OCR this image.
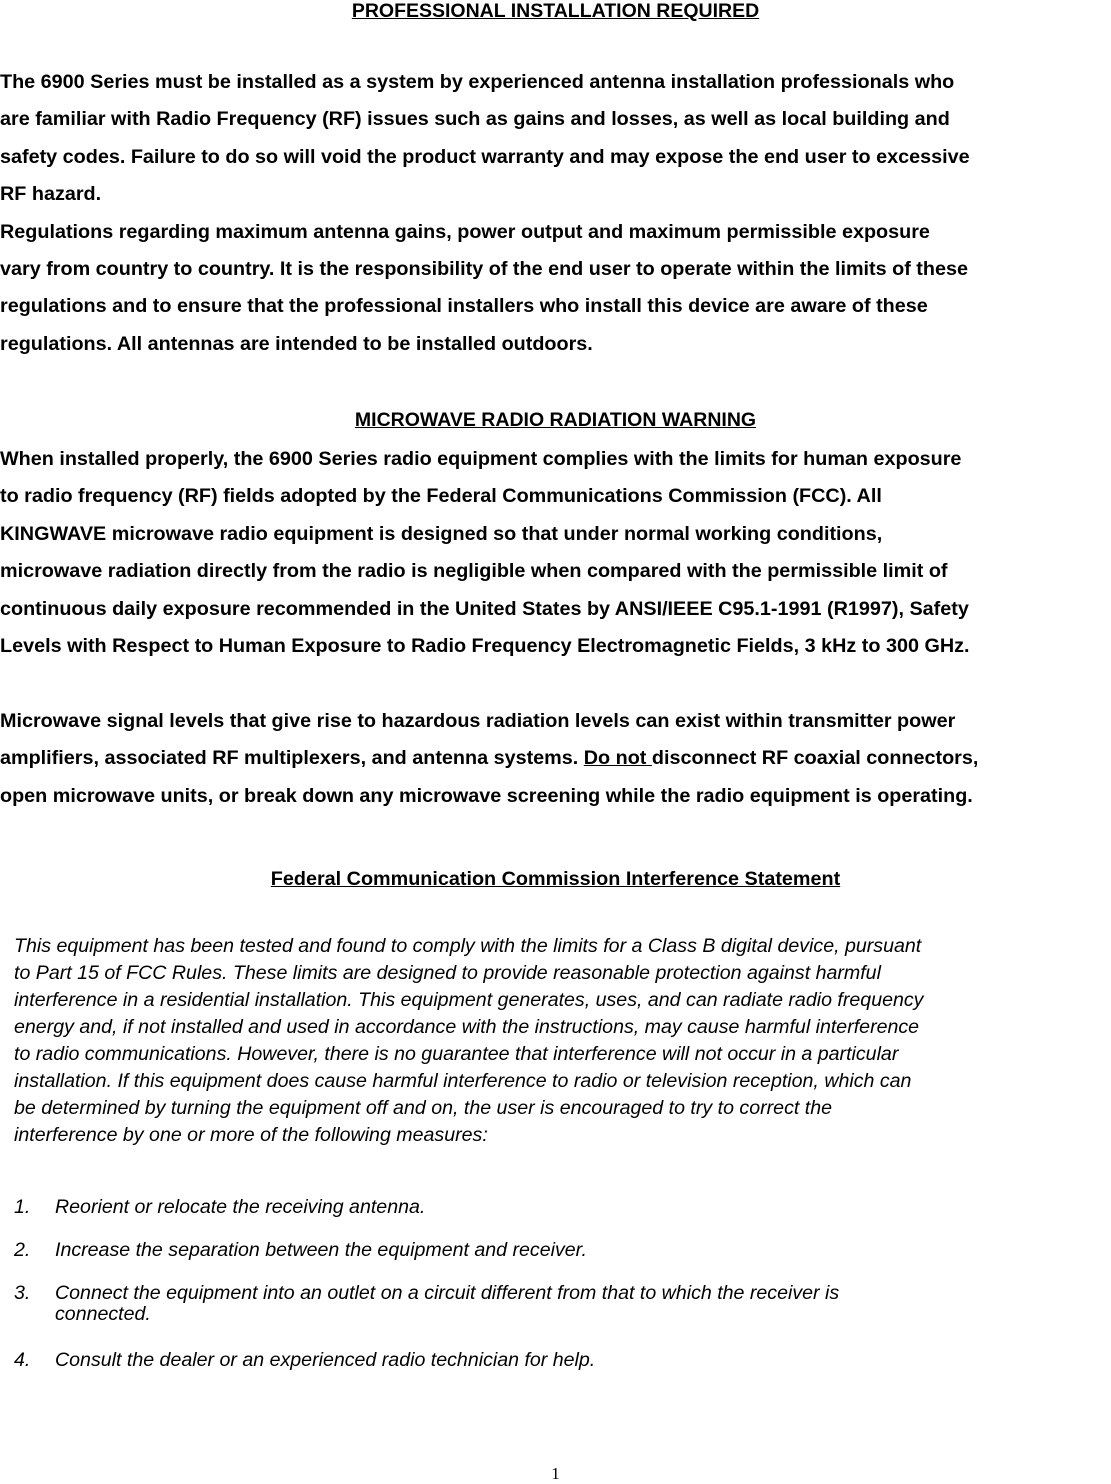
PROFESSIONAL INSTALLATION REQUIRED
The 6900 Series must be installed as a system by experienced antenna installation professionals who
are familiar with Radio Frequency (RF) issues such as gains and losses, as well as local building and
safety codes. Failure to do so will void the product warranty and may expose the end user to excessive
RF hazard.
Regulations regarding maximum antenna gains, power output and maximum permissible exposure
vary from country to country. It is the responsibility of the end user to operate within the limits of these
regulations and to ensure that the professional installers who install this device are aware of these
regulations. All antennas are intended to be installed outdoors.
MICROWAVE RADIO RADIATION WARNING
When installed properly, the 6900 Series radio equipment complies with the limits for human exposure
to radio frequency (RF) fields adopted by the Federal Communications Commission (FCC). All
KINGWAVE microwave radio equipment is designed so that under normal working conditions,
microwave radiation directly from the radio is negligible when compared with the permissible limit of
continuous daily exposure recommended in the United States by ANSI/IEEE C95.1-1991 (R1997), Safety
Levels with Respect to Human Exposure to Radio Frequency Electromagnetic Fields, 3 kHz to 300 GHz.
Microwave signal levels that give rise to hazardous radiation levels can exist within transmitter power
amplifiers, associated RF multiplexers, and antenna systems. Do not disconnect RF coaxial connectors,
open microwave units, or break down any microwave screening while the radio equipment is operating.
Federal Communication Commission Interference Statement
This equipment has been tested and found to comply with the limits for a Class B digital device, pursuant
to Part 15 of FCC Rules. These limits are designed to provide reasonable protection against harmful
interference in a residential installation. This equipment generates, uses, and can radiate radio frequency
energy and, if not installed and used in accordance with the instructions, may cause harmful interference
to radio communications. However, there is no guarantee that interference will not occur in a particular
installation. If this equipment does cause harmful interference to radio or television reception, which can
be determined by turning the equipment off and on, the user is encouraged to try to correct the
interference by one or more of the following measures:
1. Reorient or relocate the receiving antenna.
2. Increase the separation between the equipment and receiver.
3. Connect the equipment into an outlet on a circuit different from that to which the receiver is
connected.
4. Consult the dealer or an experienced radio technician for help.
1
